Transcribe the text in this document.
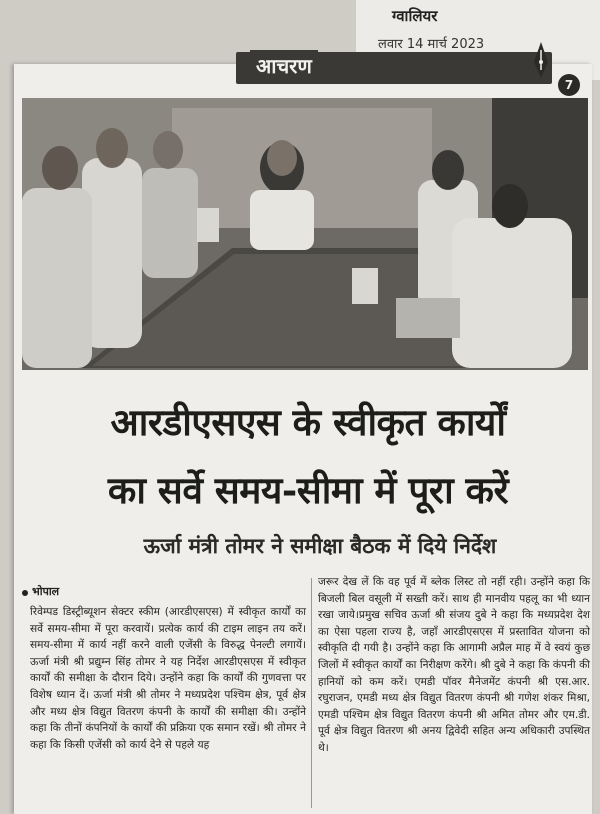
ग्वालियर
लवार 14 मार्च 2023
आचरण
7
आरडीएसएस के स्वीकृत कार्यों
का सर्वे समय-सीमा में पूरा करें
ऊर्जा मंत्री तोमर ने समीक्षा बैठक में दिये निर्देश
भोपाल
रिवेम्पड डिस्ट्रीब्यूशन सेक्टर स्कीम (आरडीएसएस) में स्वीकृत कार्यों का सर्वे समय-सीमा में पूरा करवायें। प्रत्येक कार्य की टाइम लाइन तय करें। समय-सीमा में कार्य नहीं करने वाली एजेंसी के विरुद्ध पेनल्टी लगायें। ऊर्जा मंत्री श्री प्रद्युम्न सिंह तोमर ने यह निर्देश आरडीएसएस में स्वीकृत कार्यों की समीक्षा के दौरान दिये। उन्होंने कहा कि कार्यों की गुणवत्ता पर विशेष ध्यान दें। ऊर्जा मंत्री श्री तोमर ने मध्यप्रदेश पश्चिम क्षेत्र, पूर्व क्षेत्र और मध्य क्षेत्र विद्युत वितरण कंपनी के कार्यों की समीक्षा की। उन्होंने कहा कि तीनों कंपनियों के कार्यों की प्रक्रिया एक समान रखें। श्री तोमर ने कहा कि किसी एजेंसी को कार्य देने से पहले यह
जरूर देख लें कि वह पूर्व में ब्लेक लिस्ट तो नहीं रही। उन्होंने कहा कि बिजली बिल वसूली में सख्ती करें। साथ ही मानवीय पहलू का भी ध्यान रखा जाये।प्रमुख सचिव ऊर्जा श्री संजय दुबे ने कहा कि मध्यप्रदेश देश का ऐसा पहला राज्य है, जहाँ आरडीएसएस में प्रस्तावित योजना को स्वीकृति दी गयी है। उन्होंने कहा कि आगामी अप्रैल माह में वे स्वयं कुछ जिलों में स्वीकृत कार्यों का निरीक्षण करेंगे। श्री दुबे ने कहा कि कंपनी की हानियों को कम करें। एमडी पॉवर मैनेजमेंट कंपनी श्री एस.आर. रघुराजन, एमडी मध्य क्षेत्र विद्युत वितरण कंपनी श्री गणेश शंकर मिश्रा, एमडी पश्चिम क्षेत्र विद्युत वितरण कंपनी श्री अमित तोमर और एम.डी. पूर्व क्षेत्र विद्युत वितरण श्री अनय द्विवेदी सहित अन्य अधिकारी उपस्थित थे।
